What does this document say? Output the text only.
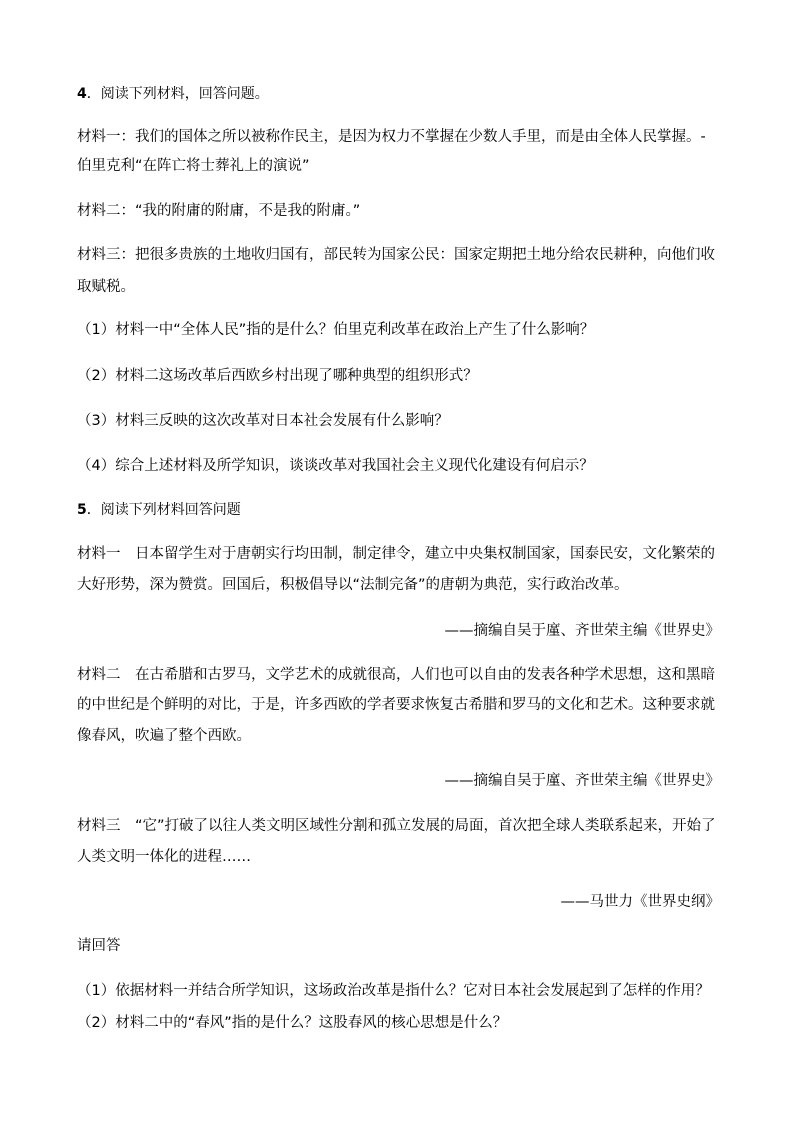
4．阅读下列材料，回答问题。
材料一：我们的国体之所以被称作民主，是因为权力不掌握在少数人手里，而是由全体人民掌握。-
伯里克利“在阵亡将士葬礼上的演说”
材料二：“我的附庸的附庸，不是我的附庸。”
材料三：把很多贵族的土地收归国有，部民转为国家公民：国家定期把土地分给农民耕种，向他们收
取赋税。
（1）材料一中“全体人民”指的是什么？伯里克利改革在政治上产生了什么影响？
（2）材料二这场改革后西欧乡村出现了哪种典型的组织形式？
（3）材料三反映的这次改革对日本社会发展有什么影响？
（4）综合上述材料及所学知识，谈谈改革对我国社会主义现代化建设有何启示？
5．阅读下列材料回答问题
材料一　日本留学生对于唐朝实行均田制，制定律令，建立中央集权制国家，国泰民安，文化繁荣的
大好形势，深为赞赏。回国后，积极倡导以“法制完备”的唐朝为典范，实行政治改革。
——摘编自吴于廑、齐世荣主编《世界史》
材料二　在古希腊和古罗马，文学艺术的成就很高，人们也可以自由的发表各种学术思想，这和黑暗
的中世纪是个鲜明的对比，于是，许多西欧的学者要求恢复古希腊和罗马的文化和艺术。这种要求就
像春风，吹遍了整个西欧。
——摘编自吴于廑、齐世荣主编《世界史》
材料三　“它”打破了以往人类文明区域性分割和孤立发展的局面，首次把全球人类联系起来，开始了
人类文明一体化的进程……
——马世力《世界史纲》
请回答
（1）依据材料一并结合所学知识，这场政治改革是指什么？它对日本社会发展起到了怎样的作用？
（2）材料二中的“春风”指的是什么？这股春风的核心思想是什么？
